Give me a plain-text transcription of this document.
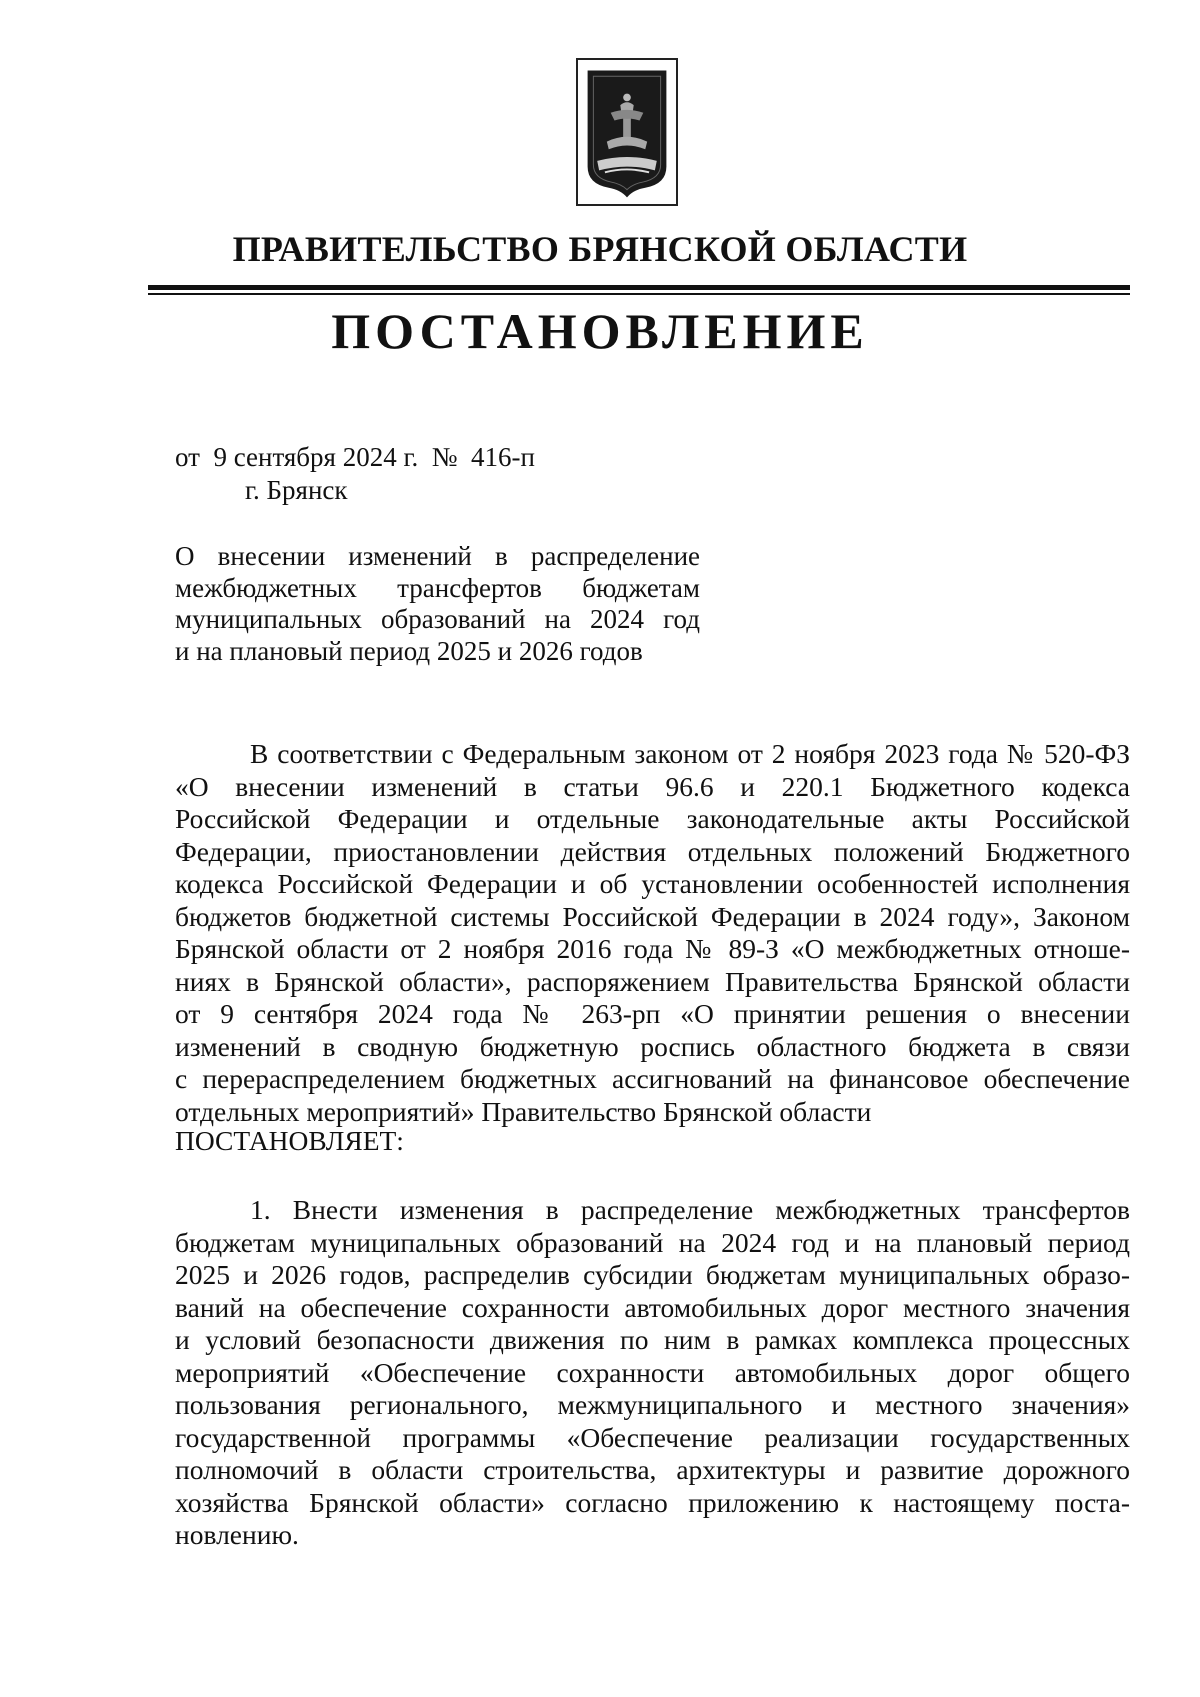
ПРАВИТЕЛЬСТВО БРЯНСКОЙ ОБЛАСТИ
ПОСТАНОВЛЕНИЕ
от  9 сентября 2024 г.  №  416-п
г. Брянск
О внесении изменений в распределение
межбюджетных трансфертов бюджетам
муниципальных образований на 2024 год
и на плановый период 2025 и 2026 годов
В соответствии с Федеральным законом от 2 ноября 2023 года № 520-ФЗ
«О внесении изменений в статьи 96.6 и 220.1 Бюджетного кодекса
Российской Федерации и отдельные законодательные акты Российской
Федерации, приостановлении действия отдельных положений Бюджетного
кодекса Российской Федерации и об установлении особенностей исполнения
бюджетов бюджетной системы Российской Федерации в 2024 году», Законом
Брянской области от 2 ноября 2016 года № 89-З «О межбюджетных отноше-
ниях в Брянской области», распоряжением Правительства Брянской области
от 9 сентября 2024 года № 263-рп «О принятии решения о внесении
изменений в сводную бюджетную роспись областного бюджета в связи
с перераспределением бюджетных ассигнований на финансовое обеспечение
отдельных мероприятий» Правительство Брянской области
ПОСТАНОВЛЯЕТ:
1. Внести изменения в распределение межбюджетных трансфертов
бюджетам муниципальных образований на 2024 год и на плановый период
2025 и 2026 годов, распределив субсидии бюджетам муниципальных образо-
ваний на обеспечение сохранности автомобильных дорог местного значения
и условий безопасности движения по ним в рамках комплекса процессных
мероприятий «Обеспечение сохранности автомобильных дорог общего
пользования регионального, межмуниципального и местного значения»
государственной программы «Обеспечение реализации государственных
полномочий в области строительства, архитектуры и развитие дорожного
хозяйства Брянской области» согласно приложению к настоящему поста-
новлению.
